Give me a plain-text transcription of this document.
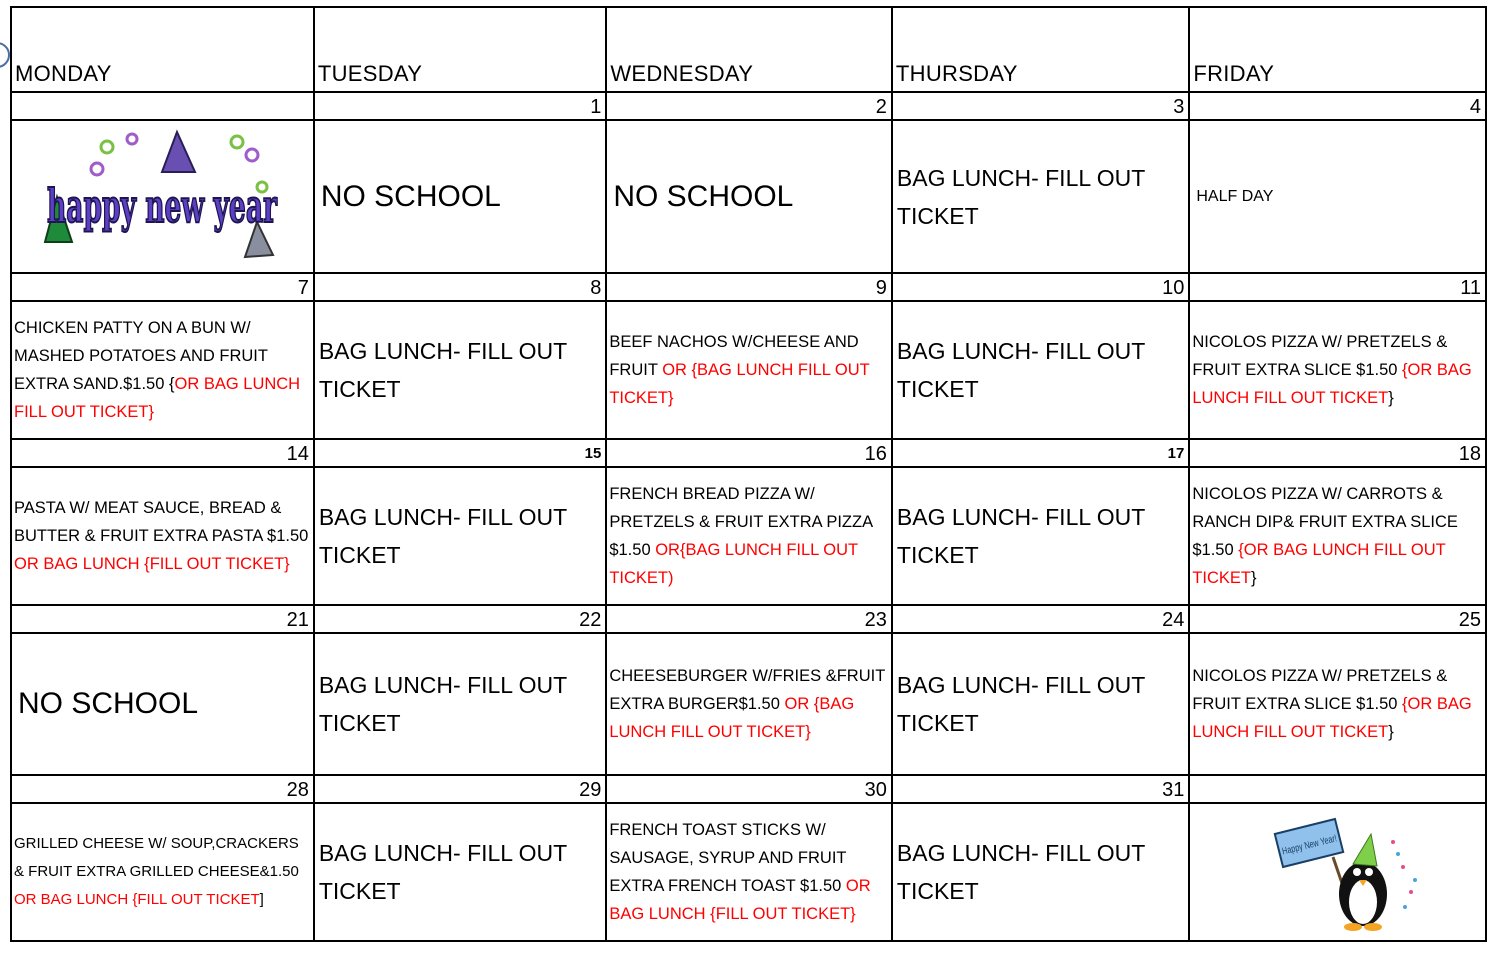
MONDAY	TUESDAY	WEDNESDAY	THURSDAY	FRIDAY

	1	2	3	4

happy new year	NO SCHOOL	NO SCHOOL	BAG LUNCH- FILL OUT TICKET	HALF DAY

7	8	9	10	11

CHICKEN PATTY ON A BUN W/ MASHED POTATOES AND FRUIT EXTRA SAND.$1.50 {OR BAG LUNCH FILL OUT TICKET}	BAG LUNCH- FILL OUT TICKET	BEEF NACHOS W/CHEESE AND FRUIT OR {BAG LUNCH FILL OUT TICKET}	BAG LUNCH- FILL OUT TICKET	NICOLOS PIZZA W/ PRETZELS & FRUIT EXTRA SLICE $1.50 {OR BAG LUNCH FILL OUT TICKET}

14	15	16	17	18

PASTA W/ MEAT SAUCE, BREAD & BUTTER & FRUIT EXTRA PASTA $1.50 OR BAG LUNCH {FILL OUT TICKET}	BAG LUNCH- FILL OUT TICKET	FRENCH BREAD PIZZA W/ PRETZELS & FRUIT EXTRA PIZZA $1.50 OR{BAG LUNCH FILL OUT TICKET)	BAG LUNCH- FILL OUT TICKET	NICOLOS PIZZA W/ CARROTS & RANCH DIP& FRUIT EXTRA SLICE $1.50 {OR BAG LUNCH FILL OUT TICKET}

21	22	23	24	25

NO SCHOOL	BAG LUNCH- FILL OUT TICKET	CHEESEBURGER W/FRIES &FRUIT EXTRA BURGER$1.50 OR {BAG LUNCH FILL OUT TICKET}	BAG LUNCH- FILL OUT TICKET	NICOLOS PIZZA W/ PRETZELS & FRUIT EXTRA SLICE $1.50 {OR BAG LUNCH FILL OUT TICKET}

28	29	30	31	

GRILLED CHEESE W/ SOUP,CRACKERS & FRUIT EXTRA GRILLED CHEESE&1.50 OR BAG LUNCH {FILL OUT TICKET]	BAG LUNCH- FILL OUT TICKET	FRENCH TOAST STICKS W/ SAUSAGE, SYRUP AND FRUIT EXTRA FRENCH TOAST $1.50 OR BAG LUNCH {FILL OUT TICKET}	BAG LUNCH- FILL OUT TICKET	Happy New Year!
